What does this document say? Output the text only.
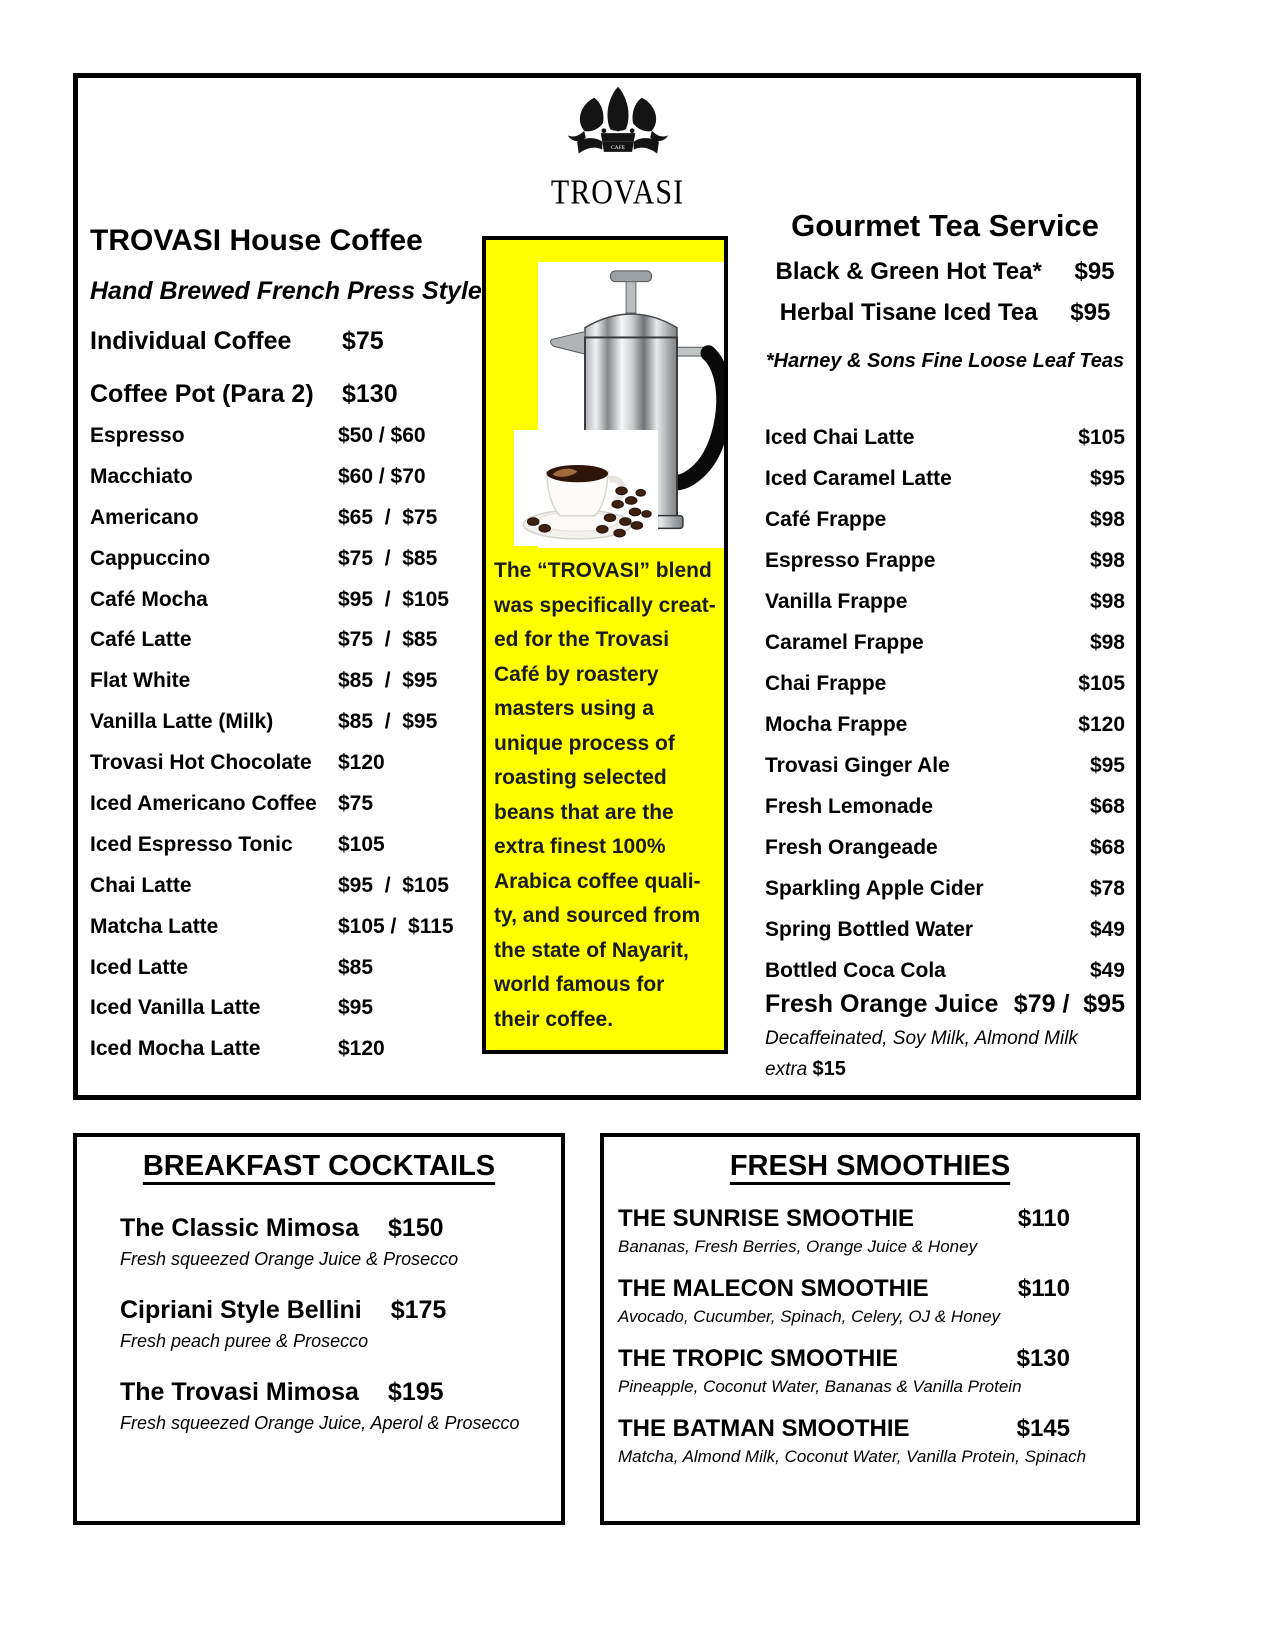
CAFE
TROVASI
TROVASI House Coffee
Hand Brewed French Press Style
Individual Coffee $75
Coffee Pot (Para 2) $130
Espresso	$50 / $60
Macchiato	$60 / $70
Americano	$65  /  $75
Cappuccino	$75  /  $85
Café Mocha	$95  /  $105
Café Latte	$75  /  $85
Flat White	$85  /  $95
Vanilla Latte (Milk)	$85  /  $95
Trovasi Hot Chocolate $120
Iced Americano Coffee $75
Iced Espresso Tonic $105
Chai Latte	$95  /  $105
Matcha Latte	$105 /  $115
Iced Latte	$85
Iced Vanilla Latte	$95
Iced Mocha Latte	$120
The “TROVASI” blend
was specifically creat-
ed for the Trovasi
Café by roastery
masters using a
unique process of
roasting selected
beans that are the
extra finest 100%
Arabica coffee quali-
ty, and sourced from
the state of Nayarit,
world famous for
their coffee.
Gourmet Tea Service
Black & Green Hot Tea* $95
Herbal Tisane Iced Tea $95
*Harney & Sons Fine Loose Leaf Teas
Iced Chai Latte	$105
Iced Caramel Latte	$95
Café Frappe	$98
Espresso Frappe	$98
Vanilla Frappe	$98
Caramel Frappe	$98
Chai Frappe	$105
Mocha Frappe	$120
Trovasi Ginger Ale	$95
Fresh Lemonade	$68
Fresh Orangeade	$68
Sparkling Apple Cider	$78
Spring Bottled Water	$49
Bottled Coca Cola	$49
Fresh Orange Juice $79 /  $95
Decaffeinated, Soy Milk, Almond Milk
extra $15
BREAKFAST COCKTAILS
The Classic Mimosa $150
Fresh squeezed Orange Juice & Prosecco
Cipriani Style Bellini $175
Fresh peach puree & Prosecco
The Trovasi Mimosa $195
Fresh squeezed Orange Juice, Aperol & Prosecco
FRESH SMOOTHIES
THE SUNRISE SMOOTHIE	$110
Bananas, Fresh Berries, Orange Juice & Honey
THE MALECON SMOOTHIE	$110
Avocado, Cucumber, Spinach, Celery, OJ & Honey
THE TROPIC SMOOTHIE	$130
Pineapple, Coconut Water, Bananas & Vanilla Protein
THE BATMAN SMOOTHIE	$145
Matcha, Almond Milk, Coconut Water, Vanilla Protein, Spinach
